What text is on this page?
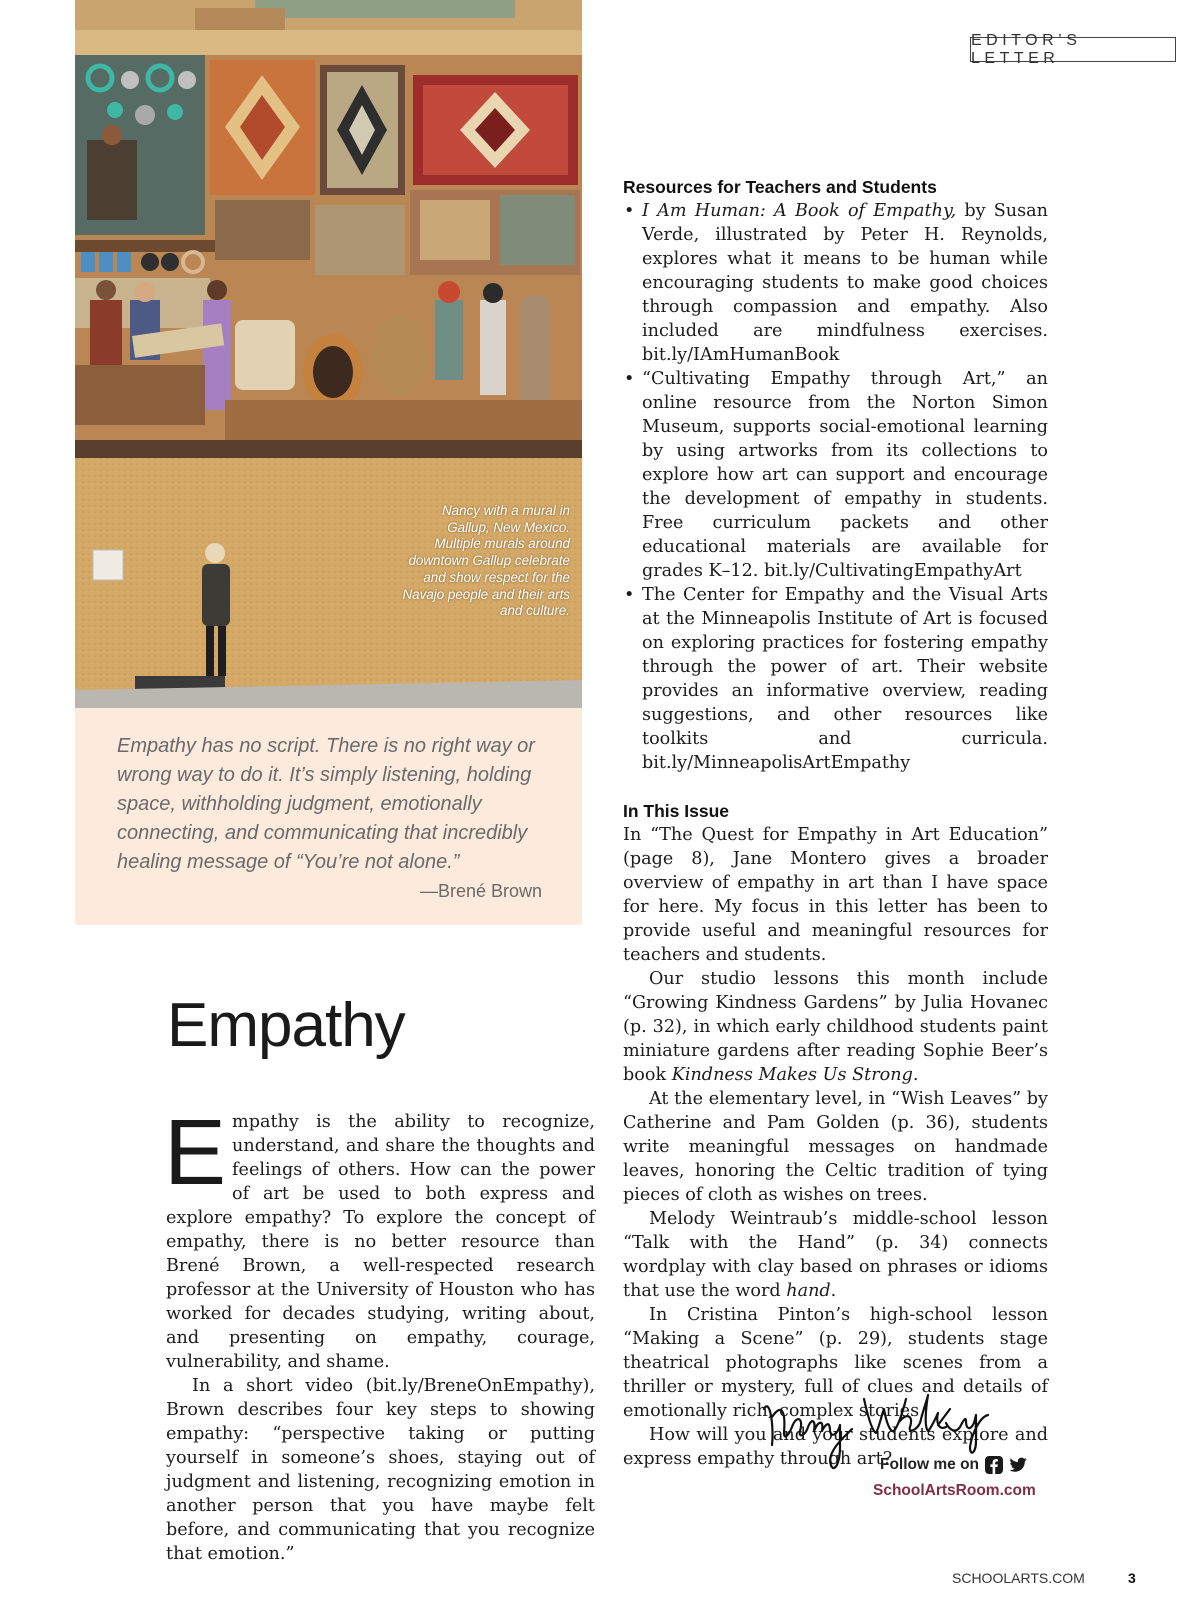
EDITOR’S LETTER
Nancy with a mural in Gallup, New Mexico. Multiple murals around downtown Gallup celebrate and show respect for the Navajo people and their arts and culture.
Empathy has no script. There is no right way or wrong way to do it. It’s simply listening, holding space, withholding judgment, emotionally connecting, and communicating that incredibly healing message of “You’re not alone.”
—Brené Brown
Empathy

Empathy is the ability to recognize, understand, and share the thoughts and feelings of others. How can the power of art be used to both express and explore empathy? To explore the concept of empathy, there is no better resource than Brené Brown, a well-respected research professor at the University of Houston who has worked for decades studying, writing about, and presenting on empathy, courage, vulnerability, and shame.

In a short video (bit.ly/BreneOnEmpathy), Brown describes four key steps to showing empathy: “perspective taking or putting yourself in someone’s shoes, staying out of judgment and listening, recognizing emotion in another person that you have maybe felt before, and communicating that you recognize that emotion.”

Resources for Teachers and Students
• I Am Human: A Book of Empathy, by Susan Verde, illustrated by Peter H. Reynolds, explores what it means to be human while encouraging students to make good choices through compassion and empathy. Also included are mindfulness exercises. bit.ly/IAmHumanBook
• “Cultivating Empathy through Art,” an online resource from the Norton Simon Museum, supports social-emotional learning by using artworks from its collections to explore how art can support and encourage the development of empathy in students. Free curriculum packets and other educational materials are available for grades K–12. bit.ly/CultivatingEmpathyArt
• The Center for Empathy and the Visual Arts at the Minneapolis Institute of Art is focused on exploring practices for fostering empathy through the power of art. Their website provides an informative overview, reading suggestions, and other resources like toolkits and curricula. bit.ly/MinneapolisArtEmpathy
In This Issue

In “The Quest for Empathy in Art Education” (page 8), Jane Montero gives a broader overview of empathy in art than I have space for here. My focus in this letter has been to provide useful and meaningful resources for teachers and students.

Our studio lessons this month include “Growing Kindness Gardens” by Julia Hovanec (p. 32), in which early childhood students paint miniature gardens after reading Sophie Beer’s book Kindness Makes Us Strong.

At the elementary level, in “Wish Leaves” by Catherine and Pam Golden (p. 36), students write meaningful messages on handmade leaves, honoring the Celtic tradition of tying pieces of cloth as wishes on trees.

Melody Weintraub’s middle-school lesson “Talk with the Hand” (p. 34) connects wordplay with clay based on phrases or idioms that use the word hand.

In Cristina Pinton’s high-school lesson “Making a Scene” (p. 29), students stage theatrical photographs like scenes from a thriller or mystery, full of clues and details of emotionally rich, complex stories.

How will you and your students explore and express empathy through art?

Follow me on
SchoolArtsRoom.com
SCHOOLARTS.COM	3
